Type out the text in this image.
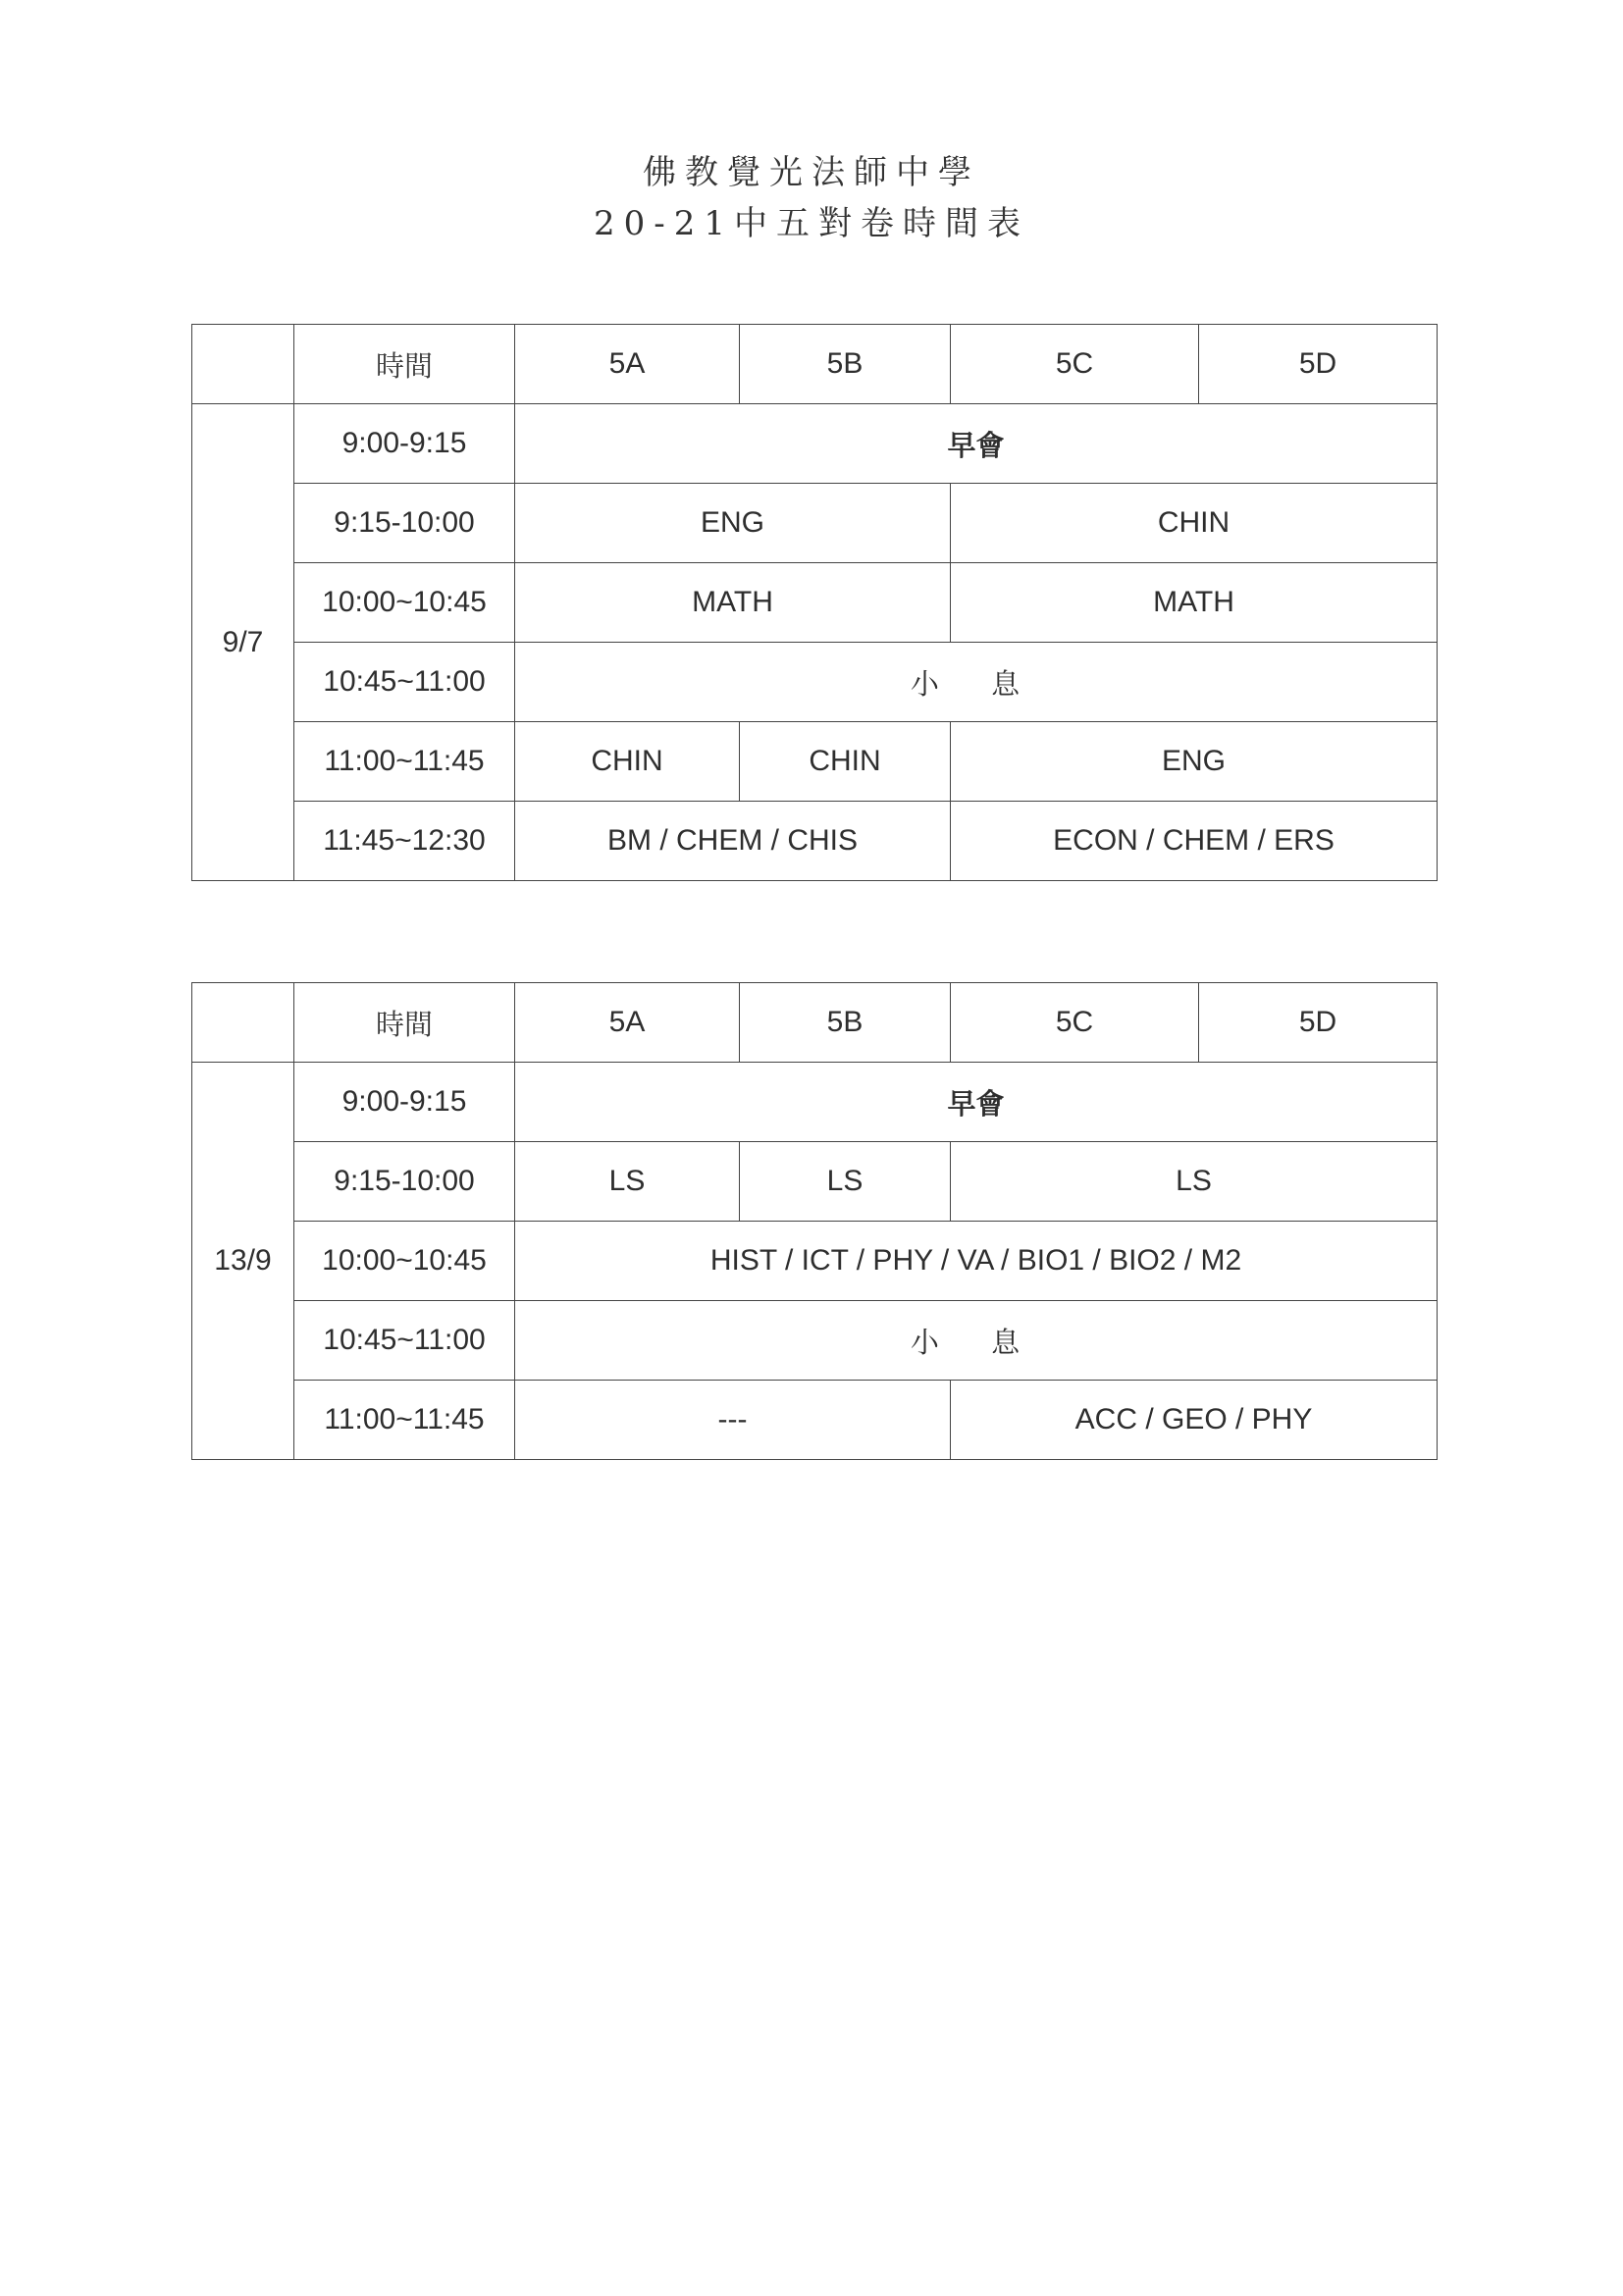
佛教覺光法師中學
20-21中五對卷時間表
	時間	5A	5B	5C	5D
9/7	9:00-9:15	早會			
	9:15-10:00	ENG		CHIN	
	10:00~10:45	MATH		MATH	
	10:45~11:00	小 息			
	11:00~11:45	CHIN	CHIN	ENG	
	11:45~12:30	BM / CHEM / CHIS		ECON / CHEM / ERS	
	時間	5A	5B	5C	5D
13/9	9:00-9:15	早會			
	9:15-10:00	LS	LS	LS	
	10:00~10:45	HIST / ICT / PHY / VA / BIO1 / BIO2 / M2			
	10:45~11:00	小 息			
	11:00~11:45	---		ACC / GEO / PHY	
